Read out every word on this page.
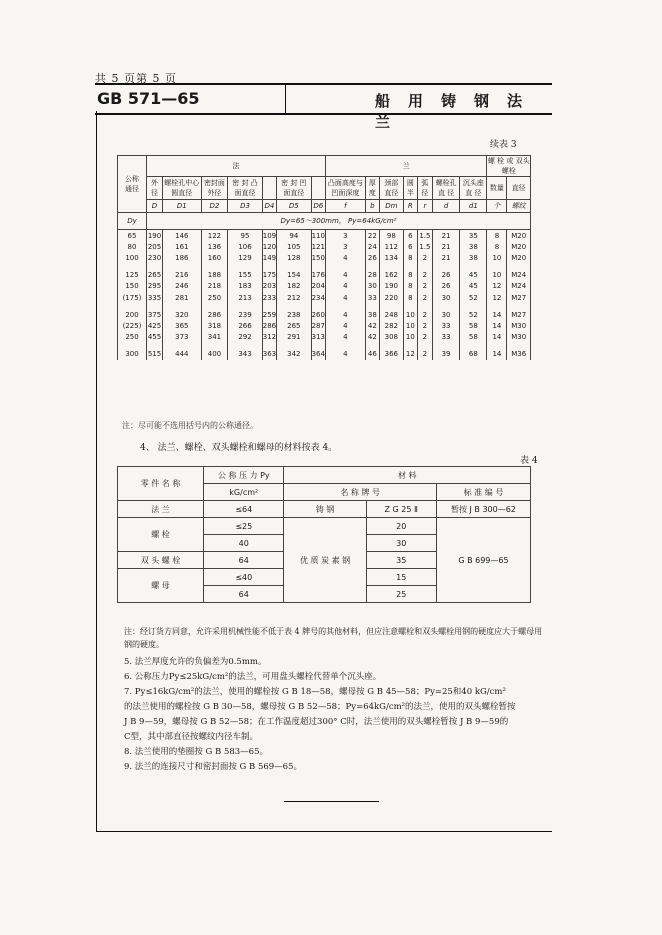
共 5 页第 5 页
GB 571—65	船用铸钢法兰
续表 3
公称
通径	法							兰							螺 栓 或 双头螺栓	
	外 径	螺栓孔中心圆直径	密封面外径	密 封 凸 面直径		密 封 凹 面直径		凸面高度与凹面深度	厚 度	颈部 直径	圆 半	弧 径	螺栓孔 直 径	沉头座 直 径	数量	直径
	D	D1	D2	D3	D4	D5	D6	f	b	Dm	R	r	d	d1	个	螺纹
Dy	Dy=65～300mm， Py=64kG/cm²															
65	190	146	122	95	109	94	110	3	22	98	6	1.5	21	35	8	M20
80	205	161	136	106	120	105	121	3	24	112	6	1.5	21	38	8	M20
100	230	186	160	129	149	128	150	4	26	134	8	2	21	38	10	M20
125	265	216	188	155	175	154	176	4	28	162	8	2	26	45	10	M24
150	295	246	218	183	203	182	204	4	30	190	8	2	26	45	12	M24
(175)	335	281	250	213	233	212	234	4	33	220	8	2	30	52	12	M27
200	375	320	286	239	259	238	260	4	38	248	10	2	30	52	14	M27
(225)	425	365	318	266	286	265	287	4	42	282	10	2	33	58	14	M30
250	455	373	341	292	312	291	313	4	42	308	10	2	33	58	14	M30
300	515	444	400	343	363	342	364	4	46	366	12	2	39	68	14	M36
注：尽可能不选用括号内的公称通径。
4、 法兰、螺栓、双头螺栓和螺母的材料按表 4。
表 4
零 件 名 称	公 称 压 力 Py	材 料		
	kG/cm²	名 称 牌 号		标 准 编 号
法 兰	≤64	铸 钢	Z G 25 Ⅱ	暂按 J B 300—62
螺 栓	≤25	优 质 炭 素 钢	20	G B 699—65
	40		30	
双 头 螺 栓	64		35	
螺 母	≤40		15	
	64		25	
注：经订货方同意，允许采用机械性能不低于表 4 牌号的其他材料，但应注意螺栓和双头螺栓用钢的硬度应大于螺母用钢的硬度。
5. 法兰厚度允许的负偏差为0.5mm。
6. 公称压力Py≤25kG/cm²的法兰，可用盘头螺栓代替单个沉头座。
7. Py≤16kG/cm²的法兰，使用的螺栓按 G B 18—58，螺母按 G B 45—58；Py=25和40 kG/cm²
的法兰使用的螺栓按 G B 30—58，螺母按 G B 52—58；Py=64kG/cm²的法兰，使用的双头螺栓暂按
J B 9—59，螺母按 G B 52—58；在工作温度超过300° C时，法兰使用的双头螺栓暂按 J B 9—59的
C型，其中部直径按螺纹内径车制。
8. 法兰使用的垫圈按 G B 583—65。
9. 法兰的连接尺寸和密封面按 G B 569—65。
